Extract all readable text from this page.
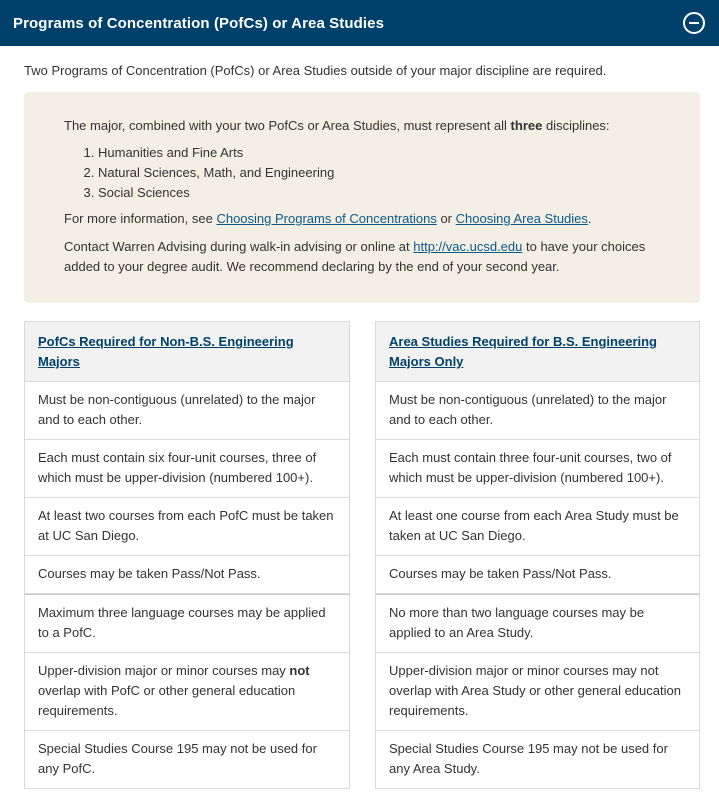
Programs of Concentration (PofCs) or Area Studies

Two Programs of Concentration (PofCs) or Area Studies outside of your major discipline are required.

The major, combined with your two PofCs or Area Studies, must represent all three disciplines:

1. Humanities and Fine Arts
2. Natural Sciences, Math, and Engineering
3. Social Sciences

For more information, see Choosing Programs of Concentrations or Choosing Area Studies.

Contact Warren Advising during walk-in advising or online at http://vac.ucsd.edu to have your choices added to your degree audit. We recommend declaring by the end of your second year.

PofCs Required for Non-B.S. Engineering Majors
Must be non-contiguous (unrelated) to the major and to each other.
Each must contain six four-unit courses, three of which must be upper-division (numbered 100+).
At least two courses from each PofC must be taken at UC San Diego.
Courses may be taken Pass/Not Pass.
Maximum three language courses may be applied to a PofC.
Upper-division major or minor courses may not overlap with PofC or other general education requirements.
Special Studies Course 195 may not be used for any PofC.
Area Studies Required for B.S. Engineering Majors Only
Must be non-contiguous (unrelated) to the major and to each other.
Each must contain three four-unit courses, two of which must be upper-division (numbered 100+).
At least one course from each Area Study must be taken at UC San Diego.
Courses may be taken Pass/Not Pass.
No more than two language courses may be applied to an Area Study.
Upper-division major or minor courses may not overlap with Area Study or other general education requirements.
Special Studies Course 195 may not be used for any Area Study.
